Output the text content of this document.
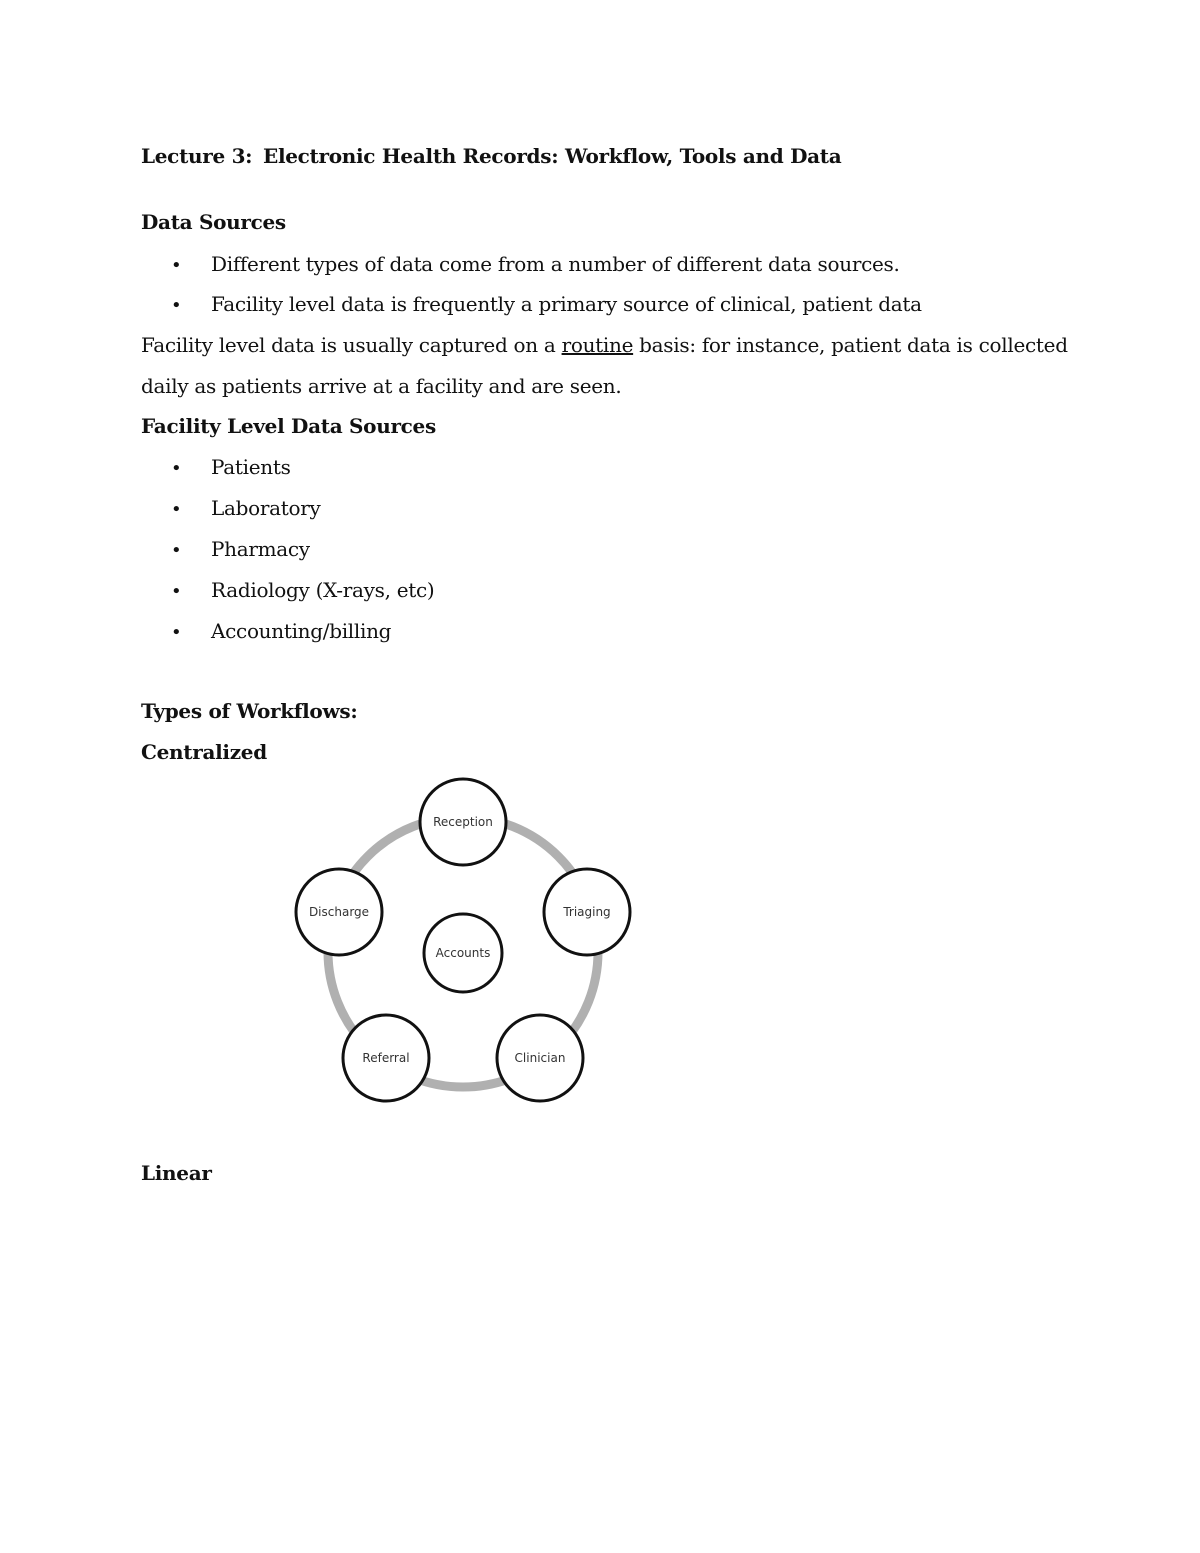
Lecture 3: Electronic Health Records: Workflow, Tools and Data
Data Sources
• Different types of data come from a number of different data sources.
• Facility level data is frequently a primary source of clinical, patient data
Facility level data is usually captured on a routine basis: for instance, patient data is collected
daily as patients arrive at a facility and are seen.
Facility Level Data Sources
• Patients
• Laboratory
• Pharmacy
• Radiology (X-rays, etc)
• Accounting/billing
Types of Workflows:
Centralized
Reception
Triaging
Clinician
Referral
Discharge
Accounts
Linear
